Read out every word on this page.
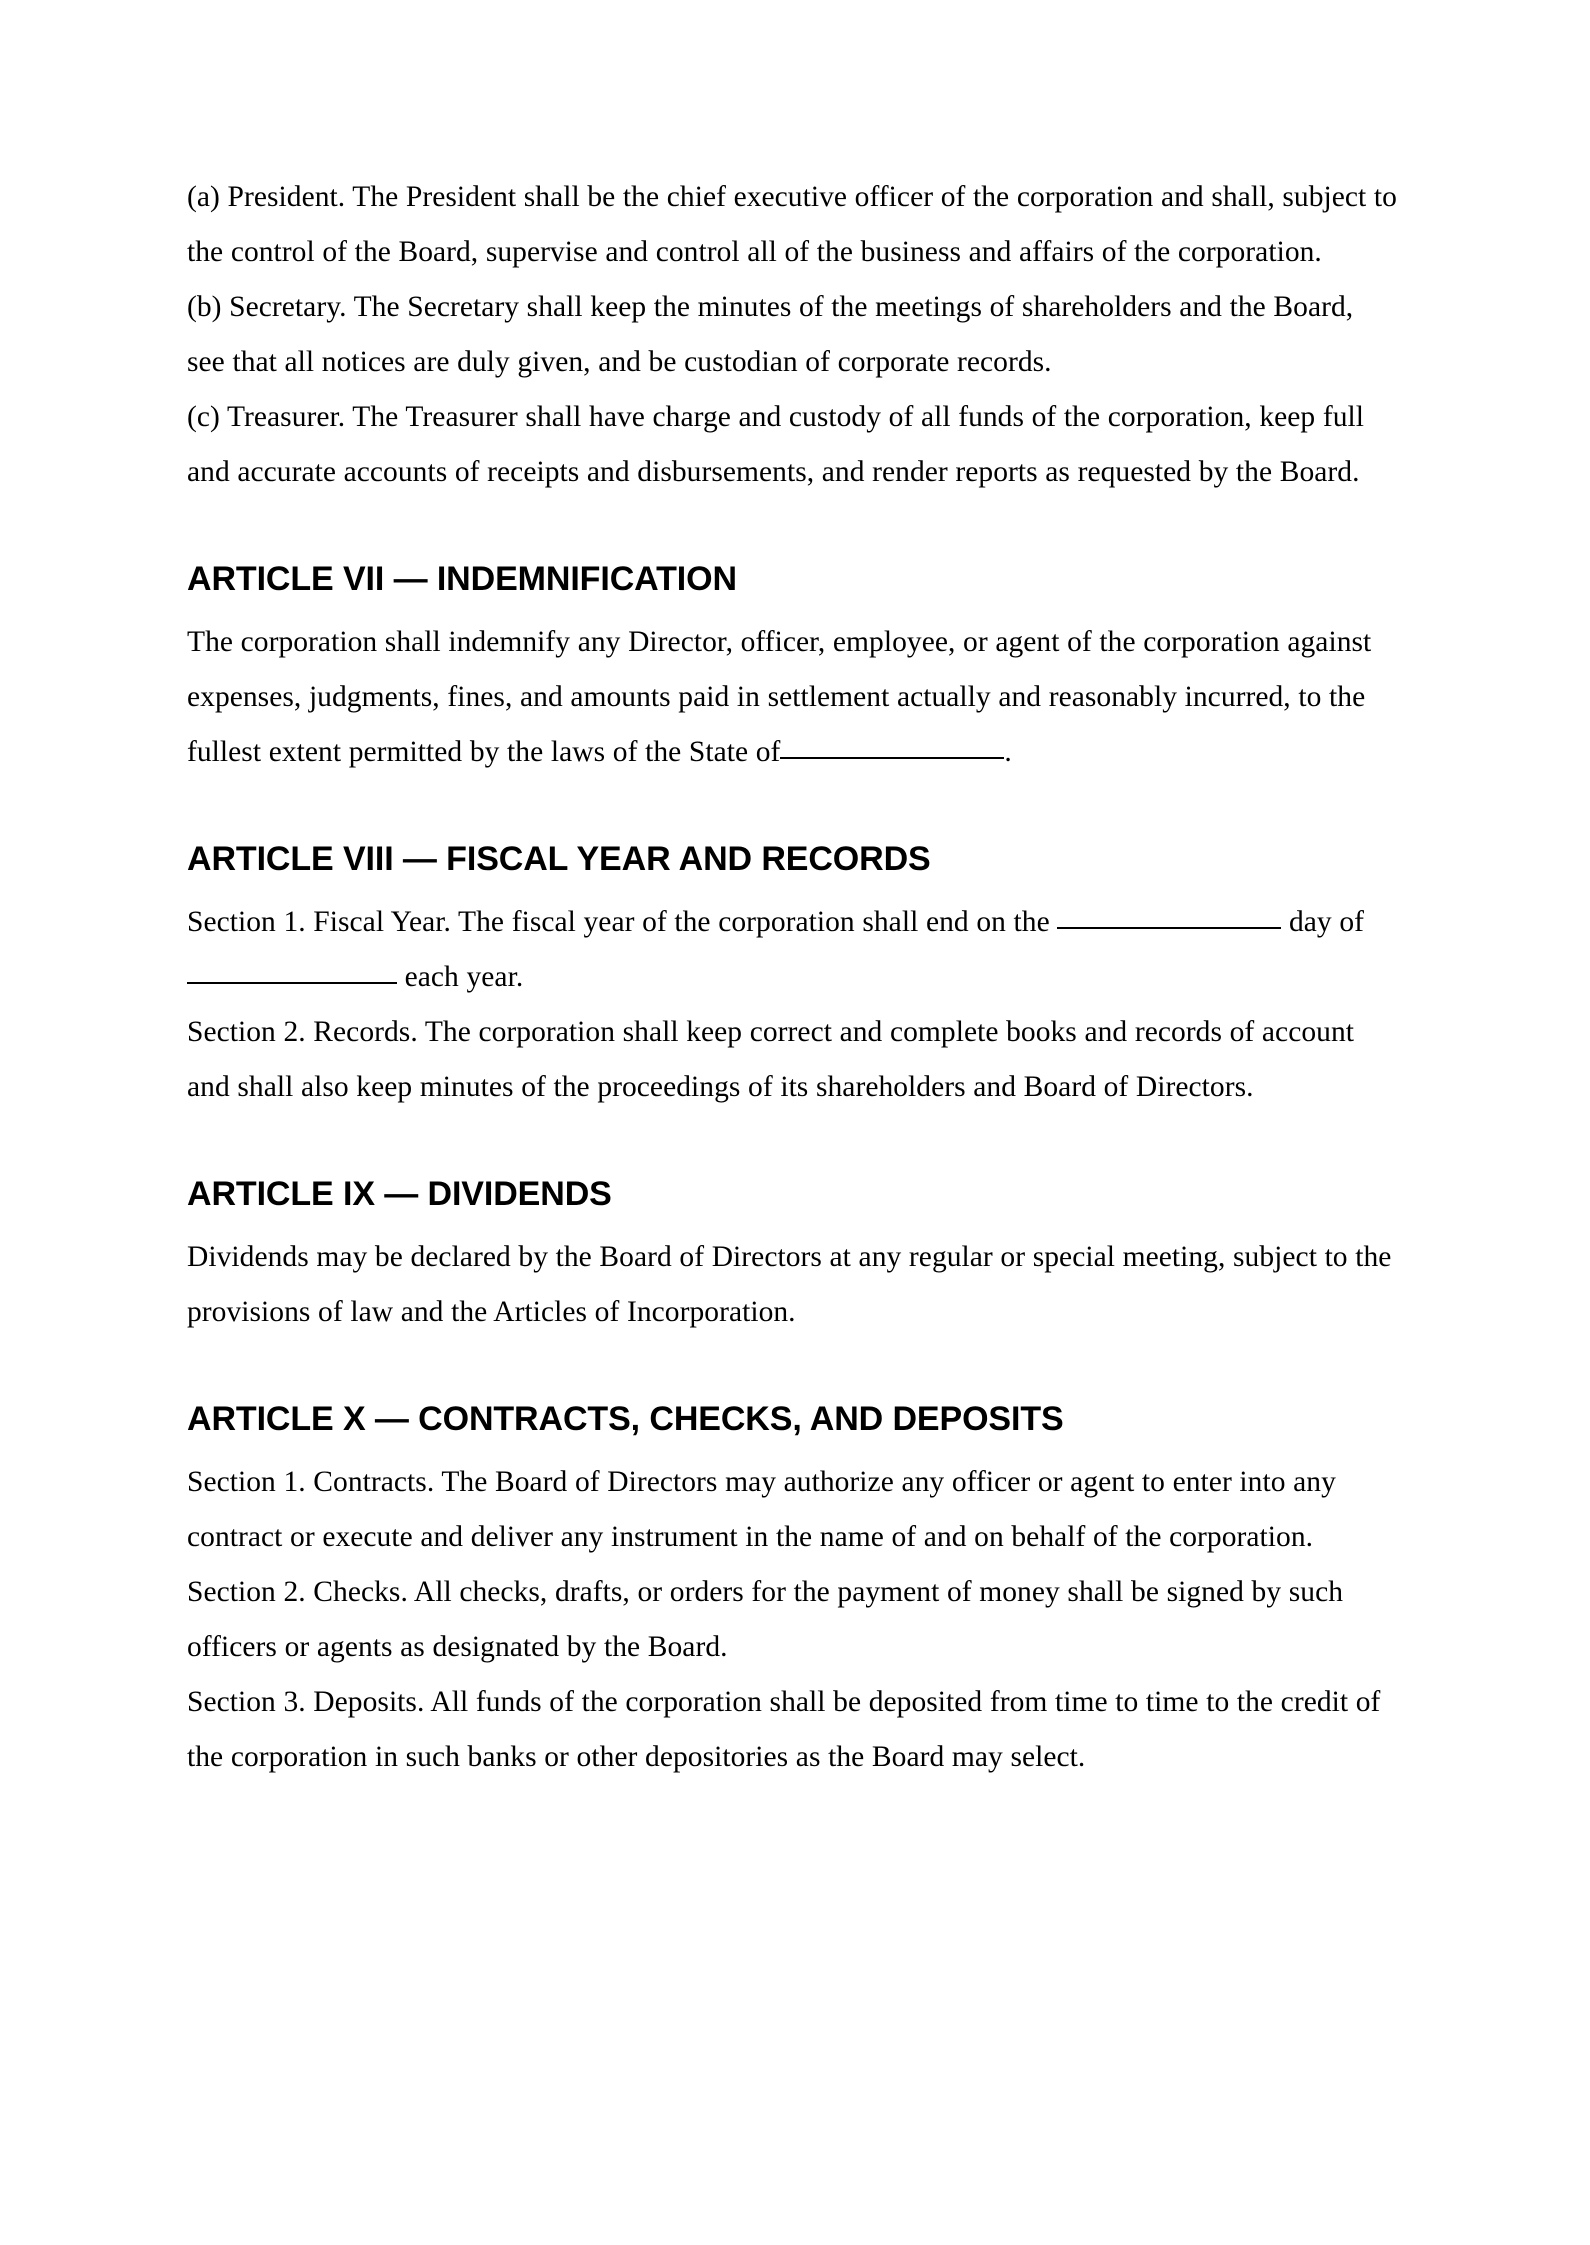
(a) President. The President shall be the chief executive officer of the corporation and shall, subject to the control of the Board, supervise and control all of the business and affairs of the corporation.

(b) Secretary. The Secretary shall keep the minutes of the meetings of shareholders and the Board, see that all notices are duly given, and be custodian of corporate records.

(c) Treasurer. The Treasurer shall have charge and custody of all funds of the corporation, keep full and accurate accounts of receipts and disbursements, and render reports as requested by the Board.

ARTICLE VII — INDEMNIFICATION

The corporation shall indemnify any Director, officer, employee, or agent of the corporation against expenses, judgments, fines, and amounts paid in settlement actually and reasonably incurred, to the fullest extent permitted by the laws of the State of	.

ARTICLE VIII — FISCAL YEAR AND RECORDS

Section 1. Fiscal Year. The fiscal year of the corporation shall end on the	day of  each year.

Section 2. Records. The corporation shall keep correct and complete books and records of account and shall also keep minutes of the proceedings of its shareholders and Board of Directors.

ARTICLE IX — DIVIDENDS

Dividends may be declared by the Board of Directors at any regular or special meeting, subject to the provisions of law and the Articles of Incorporation.

ARTICLE X — CONTRACTS, CHECKS, AND DEPOSITS

Section 1. Contracts. The Board of Directors may authorize any officer or agent to enter into any contract or execute and deliver any instrument in the name of and on behalf of the corporation.

Section 2. Checks. All checks, drafts, or orders for the payment of money shall be signed by such officers or agents as designated by the Board.

Section 3. Deposits. All funds of the corporation shall be deposited from time to time to the credit of the corporation in such banks or other depositories as the Board may select.
